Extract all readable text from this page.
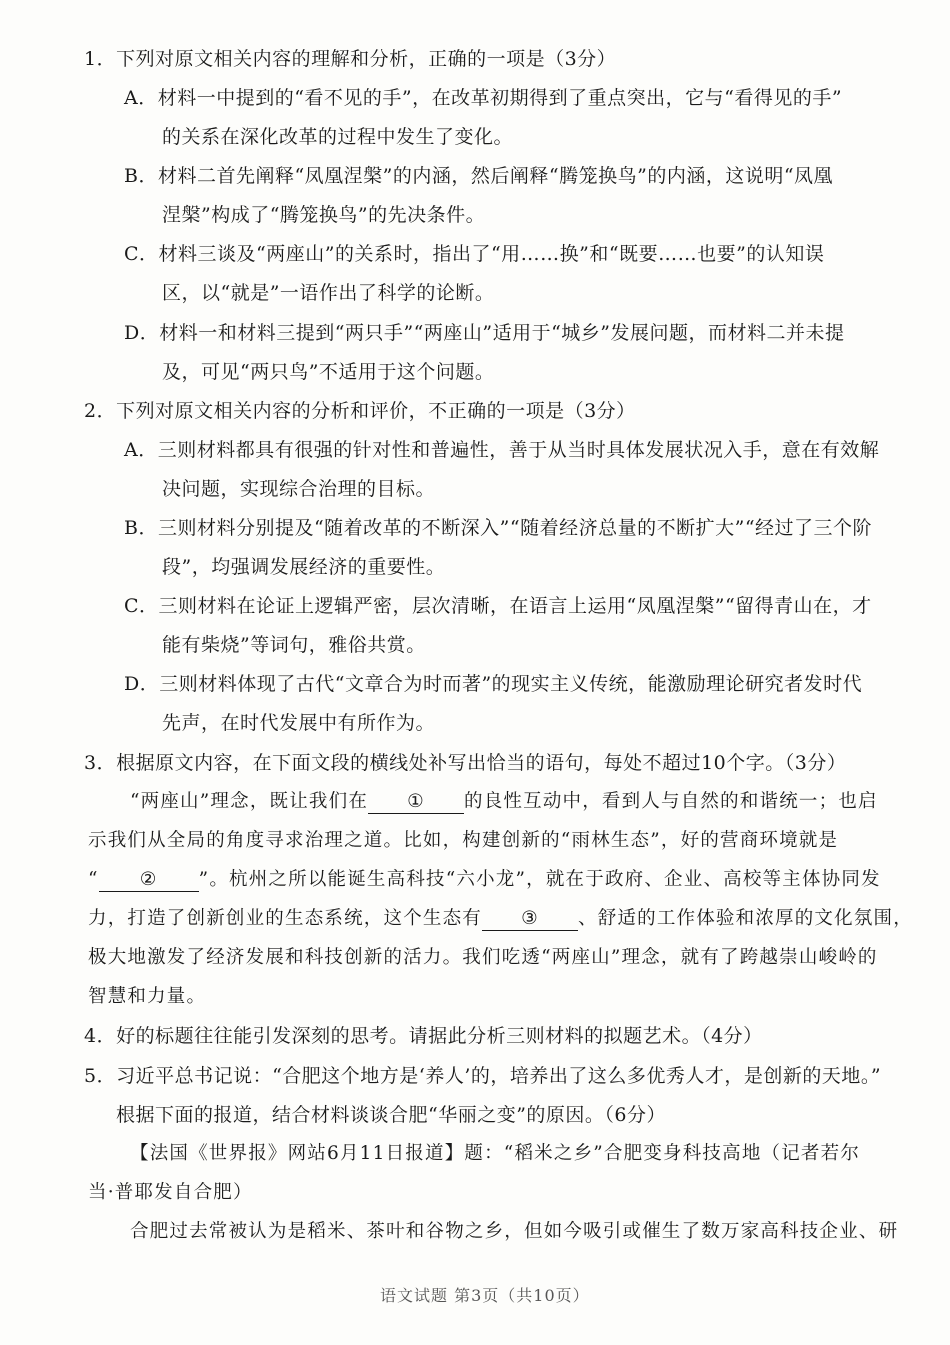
1．下列对原文相关内容的理解和分析，正确的一项是（3分）
A．材料一中提到的“看不见的手”，在改革初期得到了重点突出，它与“看得见的手”
的关系在深化改革的过程中发生了变化。
B．材料二首先阐释“凤凰涅槃”的内涵，然后阐释“腾笼换鸟”的内涵，这说明“凤凰
涅槃”构成了“腾笼换鸟”的先决条件。
C．材料三谈及“两座山”的关系时，指出了“用……换”和“既要……也要”的认知误
区，以“就是”一语作出了科学的论断。
D．材料一和材料三提到“两只手”“两座山”适用于“城乡”发展问题，而材料二并未提
及，可见“两只鸟”不适用于这个问题。
2．下列对原文相关内容的分析和评价，不正确的一项是（3分）
A．三则材料都具有很强的针对性和普遍性，善于从当时具体发展状况入手，意在有效解
决问题，实现综合治理的目标。
B．三则材料分别提及“随着改革的不断深入”“随着经济总量的不断扩大”“经过了三个阶
段”，均强调发展经济的重要性。
C．三则材料在论证上逻辑严密，层次清晰，在语言上运用“凤凰涅槃”“留得青山在，才
能有柴烧”等词句，雅俗共赏。
D．三则材料体现了古代“文章合为时而著”的现实主义传统，能激励理论研究者发时代
先声，在时代发展中有所作为。
3．根据原文内容，在下面文段的横线处补写出恰当的语句，每处不超过10个字。（3分）
“两座山”理念，既让我们在 ① 的良性互动中，看到人与自然的和谐统一；也启
示我们从全局的角度寻求治理之道。比如，构建创新的“雨林生态”，好的营商环境就是
“ ② ”。杭州之所以能诞生高科技“六小龙”，就在于政府、企业、高校等主体协同发
力，打造了创新创业的生态系统，这个生态有 ③ 、舒适的工作体验和浓厚的文化氛围，
极大地激发了经济发展和科技创新的活力。我们吃透“两座山”理念，就有了跨越崇山峻岭的
智慧和力量。
4．好的标题往往能引发深刻的思考。请据此分析三则材料的拟题艺术。（4分）
5．习近平总书记说：“合肥这个地方是‘养人’的，培养出了这么多优秀人才，是创新的天地。”
根据下面的报道，结合材料谈谈合肥“华丽之变”的原因。（6分）
【法国《世界报》网站6月11日报道】题：“稻米之乡”合肥变身科技高地（记者若尔
当·普耶发自合肥）
合肥过去常被认为是稻米、茶叶和谷物之乡，但如今吸引或催生了数万家高科技企业、研
语文试题 第3页（共10页）
